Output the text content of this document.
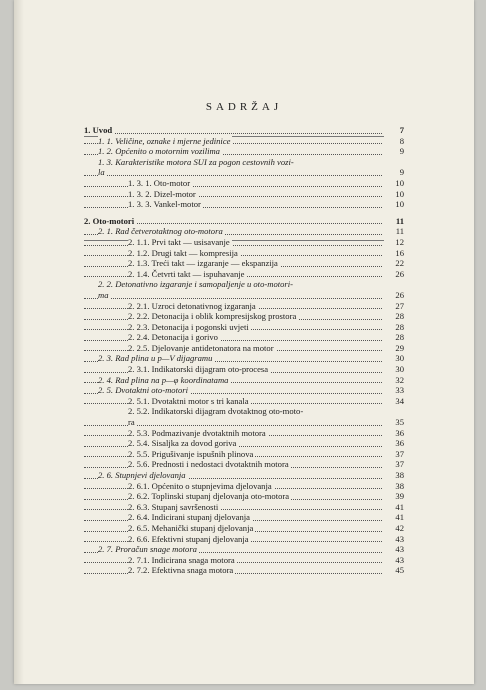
SADRŽAJ
1. Uvod	7
1. 1. Veličine, oznake i mjerne jedinice	8
1. 2. Općenito o motornim vozilima	9
1. 3. Karakteristike motora SUI za pogon cestovnih vozi-
la	9
1. 3. 1. Oto-motor	10
1. 3. 2. Dizel-motor	10
1. 3. 3. Vankel-motor	10
2. Oto-motori	11
2. 1. Rad četverotaktnog oto-motora	11
2. 1.1. Prvi takt — usisavanje	12
2. 1.2. Drugi takt — kompresija	16
2. 1.3. Treći takt — izgaranje — ekspanzija	22
2. 1.4. Četvrti takt — ispuhavanje	26
2. 2. Detonativno izgaranje i samopaljenje u oto-motori-
ma	26
2. 2.1. Uzroci detonativnog izgaranja	27
2. 2.2. Detonacija i oblik kompresijskog prostora	28
2. 2.3. Detonacija i pogonski uvjeti	28
2. 2.4. Detonacija i gorivo	28
2. 2.5. Djelovanje antidetonatora na motor	29
2. 3. Rad plina u p—V dijagramu	30
2. 3.1. Indikatorski dijagram oto-procesa	30
2. 4. Rad plina na p—φ koordinatama	32
2. 5. Dvotaktni oto-motori	33
2. 5.1. Dvotaktni motor s tri kanala	34
2. 5.2. Indikatorski dijagram dvotaktnog oto-moto-
ra	35
2. 5.3. Podmazivanje dvotaktnih motora	36
2. 5.4. Sisaljka za dovod goriva	36
2. 5.5. Prigušivanje ispušnih plinova	37
2. 5.6. Prednosti i nedostaci dvotaktnih motora	37
2. 6. Stupnjevi djelovanja	38
2. 6.1. Općenito o stupnjevima djelovanja	38
2. 6.2. Toplinski stupanj djelovanja oto-motora	39
2. 6.3. Stupanj savršenosti	41
2. 6.4. Indicirani stupanj djelovanja	41
2. 6.5. Mehanički stupanj djelovanja	42
2. 6.6. Efektivni stupanj djelovanja	43
2. 7. Proračun snage motora	43
2. 7.1. Indicirana snaga motora	43
2. 7.2. Efektivna snaga motora	45
